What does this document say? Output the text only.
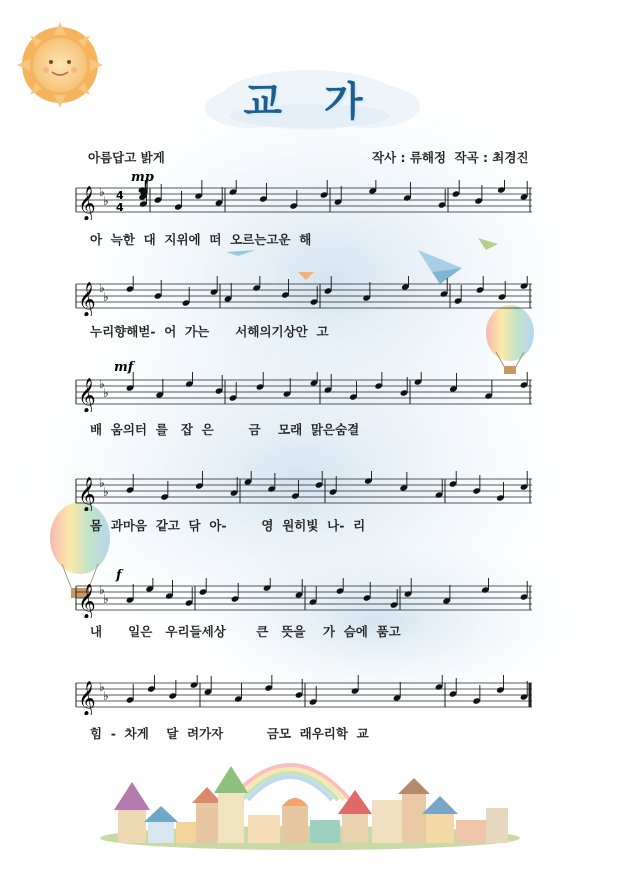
교 가
아름답고 밝게	작사 : 류해정 작곡 : 최경진
mp
mf
f
𝄞 ♭
♭ 4
4
𝄞 ♭
♭
𝄞 ♭
♭
𝄞 ♭
♭
𝄞 ♭
♭
𝄞 ♭
♭
아  늑한  대  지위에  떠  오르는고운  해
누리향해벋-  어  가는      서해의기상안  고
배  움의터  를   잡  은        금    모래  맑은숨결
몸  과마음  같고  닦  아-        영  원히빛  나-  리
내      일은   우리들세상       큰   뜻을    가  슴에  품고
힘  -  차게    달  려가자          금모  래우리학  교
